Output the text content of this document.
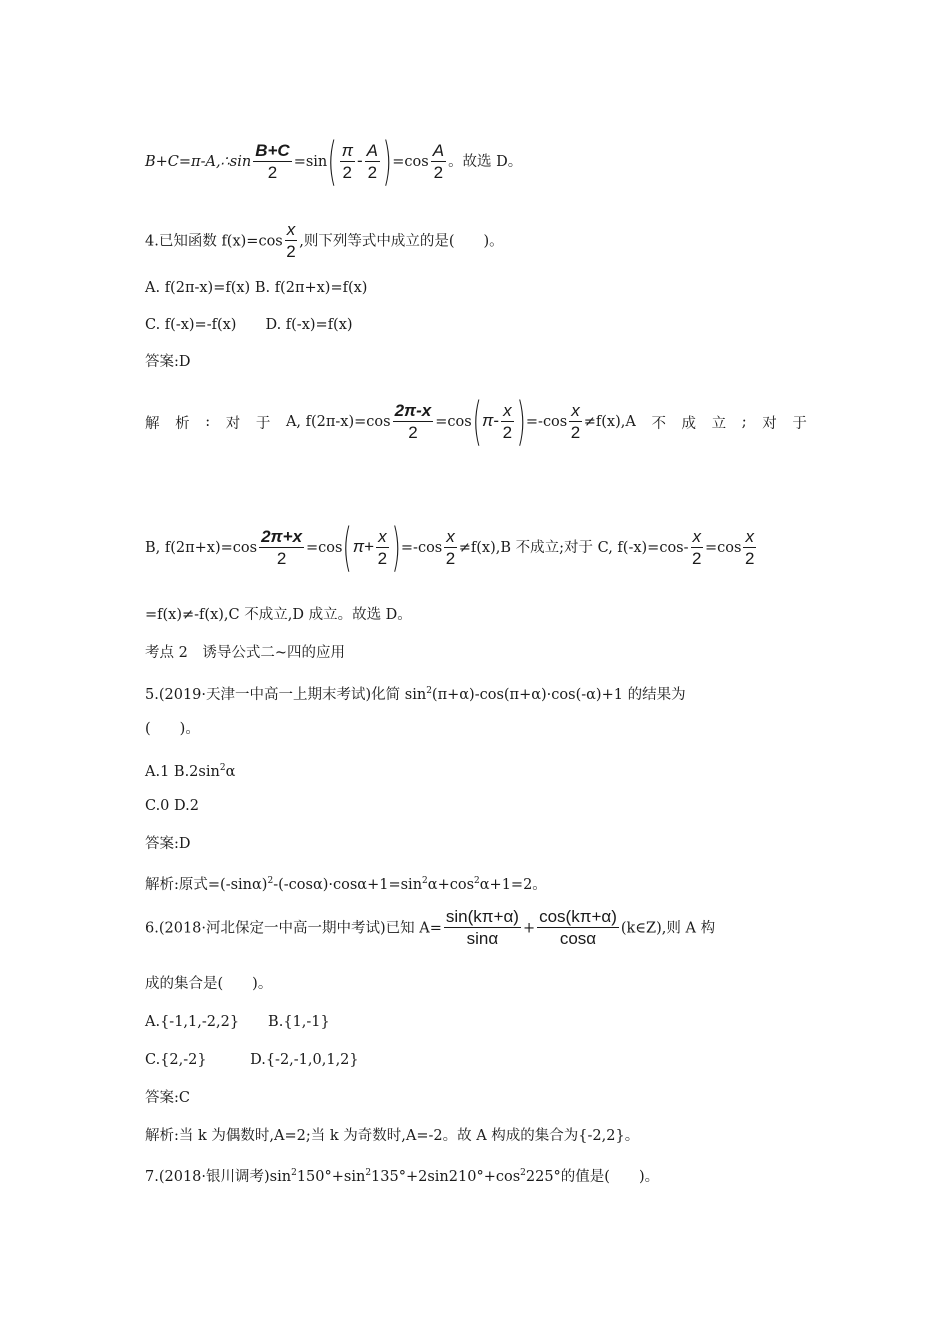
B+C=π-A,∴sin $\frac{B+C}{2} =\sin( \frac{\pi}{2} - \frac{A}{2} )=\cos \frac{A}{2}$ 。故选 D。
4.已知函数 $f(x)=\cos \frac{x}{2}$ ,则下列等式中成立的是(　　)。
A. f(2π-x)=f(x) B. f(2π+x)=f(x)
C. f(-x)=-f(x)　　D. f(-x)=f(x)
答案:D
解 析 : 对 于 A, $f(2\pi-x)=\cos \frac{2\pi-x}{2} =\cos(\pi- \frac{x}{2} )=-\cos \frac{x}{2} \ne f(x),A$ 不 成 立 ; 对 于
B, $f(2\pi+x)=\cos \frac{2\pi+x}{2} =\cos(\pi+ \frac{x}{2} )=-\cos \frac{x}{2} \ne f(x),B$ 不成立;对于 C, $f(-x)=\cos- \frac{x}{2} =\cos \frac{x}{2}$
=f(x)≠-f(x),C 不成立,D 成立。故选 D。
考点 2　诱导公式二~四的应用
5.(2019·天津一中高一上期末考试)化简 $\sin^2(\pi+\alpha)-\cos(\pi+\alpha)\cdot\cos(-\alpha)+1$ 的结果为
(　　)。
A.1 $B.2\sin^2\alpha$
C.0 D.2
答案:D
解析:原式$=(-\sin\alpha)^2-(-\cos\alpha)\cdot\cos\alpha+1=\sin^2\alpha+\cos^2\alpha+1=2$。
6.(2018·河北保定一中高一期中考试)已知 $A= \frac{\sin(k\pi+\alpha)}{\sin\alpha} + \frac{\cos(k\pi+\alpha)}{\cos\alpha}$ (k∈Z),则 A 构
成的集合是(　　)。
A.{-1,1,-2,2}　　B.{1,-1}
C.{2,-2}　　　D.{-2,-1,0,1,2}
答案:C
解析:当 k 为偶数时,A=2;当 k 为奇数时,A=-2。故 A 构成的集合为{-2,2}。
7.(2018·银川调考)$\sin^2150^\circ+\sin^2135^\circ+2\sin 210^\circ+\cos^2225^\circ$的值是(　　)。
